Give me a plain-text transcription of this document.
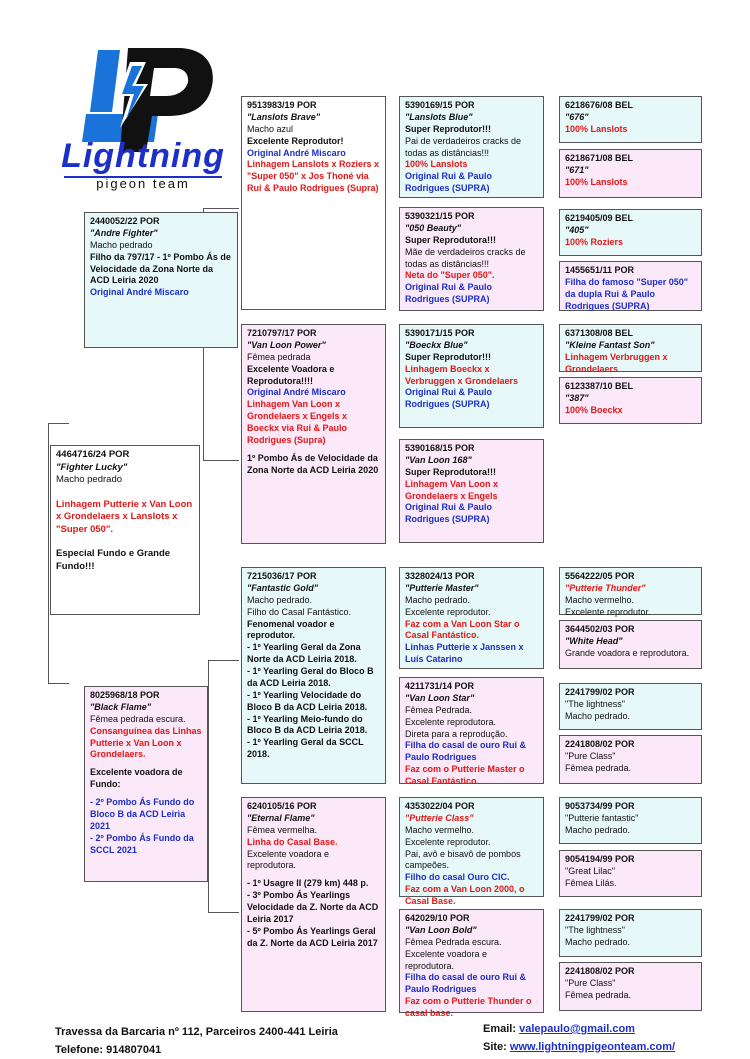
Lightning
pigeon team
4464716/24 POR
"Fighter Lucky"
Macho pedrado
Linhagem Putterie x Van Loon x Grondelaers x Lanslots x "Super 050".
Especial Fundo e Grande Fundo!!!
2440052/22 POR
"Andre Fighter"
Macho pedrado
Filho da 797/17 - 1º Pombo Ás de Velocidade da Zona Norte da ACD Leiria 2020
Original André Miscaro
8025968/18 POR
"Black Flame"
Fêmea pedrada escura.
Consanguínea das Linhas Putterie x Van Loon x Grondelaers.
Excelente voadora de Fundo:
- 2º Pombo Ás Fundo do Bloco B da ACD Leiria 2021
- 2º Pombo Ás Fundo da SCCL 2021
9513983/19 POR
"Lanslots Brave"
Macho azul
Excelente Reprodutor!
Original André Miscaro
Linhagem Lanslots x Roziers x "Super 050" x Jos Thoné via Rui & Paulo Rodrigues (Supra)
7210797/17 POR
"Van Loon Power"
Fêmea pedrada
Excelente Voadora e Reprodutora!!!!
Original André Miscaro
Linhagem Van Loon x Grondelaers x Engels x Boeckx via Rui & Paulo Rodrigues (Supra)
1º Pombo Ás de Velocidade da Zona Norte da ACD Leiria 2020
7215036/17 POR
"Fantastic Gold"
Macho pedrado.
Filho do Casal Fantástico.
Fenomenal voador e reprodutor.
- 1º Yearling Geral da Zona Norte da ACD Leiria 2018.
- 1º Yearling Geral do Bloco B da ACD Leiria 2018.
- 1º Yearling Velocidade do Bloco B da ACD Leiria 2018.
- 1º Yearling Meio-fundo do Bloco B da ACD Leiria 2018.
- 1º Yearling Geral da SCCL 2018.
6240105/16 POR
"Eternal Flame"
Fêmea vermelha.
Linha do Casal Base.
Excelente voadora e reprodutora.
- 1º Usagre II (279 km) 448 p.
- 3º Pombo Ás Yearlings Velocidade da Z. Norte da ACD Leiria 2017
- 5º Pombo Ás Yearlings Geral da Z. Norte da ACD Leiria 2017
5390169/15 POR
"Lanslots Blue"
Super Reprodutor!!!
Pai de verdadeiros cracks de todas as distâncias!!!
100% Lanslots
Original Rui & Paulo Rodrigues (SUPRA)
5390321/15 POR
"050 Beauty"
Super Reprodutora!!!
Mãe de verdadeiros cracks de todas as distâncias!!!
Neta do "Super 050".
Original Rui & Paulo Rodrigues (SUPRA)
5390171/15 POR
"Boeckx Blue"
Super Reprodutor!!!
Linhagem Boeckx x Verbruggen x Grondelaers
Original Rui & Paulo Rodrigues (SUPRA)
5390168/15 POR
"Van Loon 168"
Super Reprodutora!!!
Linhagem Van Loon x Grondelaers x Engels
Original Rui & Paulo Rodrigues (SUPRA)
3328024/13 POR
"Putterie Master"
Macho pedrado.
Excelente reprodutor.
Faz com a Van Loon Star o Casal Fantástico.
Linhas Putterie x Janssen x Luís Catarino
4211731/14 POR
"Van Loon Star"
Fêmea Pedrada.
Excelente reprodutora.
Direta para a reprodução.
Filha do casal de ouro Rui & Paulo Rodrigues
Faz com o Putterie Master o Casal Fantástico.
4353022/04 POR
"Putterie Class"
Macho vermelho.
Excelente reprodutor.
Pai, avô e bisavô de pombos campeões.
Filho do casal Ouro CIC.
Faz com a Van Loon 2000, o Casal Base.
642029/10 POR
"Van Loon Bold"
Fêmea Pedrada escura.
Excelente voadora e reprodutora.
Filha do casal de ouro Rui & Paulo Rodrigues
Faz com o Putterie Thunder o casal base.
6218676/08 BEL
"676"
100% Lanslots
6218671/08 BEL
"671"
100% Lanslots
6219405/09 BEL
"405"
100% Roziers
1455651/11 POR
Filha do famoso "Super 050" da dupla Rui & Paulo Rodrigues (SUPRA)
6371308/08 BEL
"Kleine Fantast Son"
Linhagem Verbruggen x Grondelaers
6123387/10 BEL
"387"
100% Boeckx
5564222/05 POR
"Putterie Thunder"
Macho vermelho.
Excelente reprodutor.
3644502/03 POR
"White Head"
Grande voadora e reprodutora.
2241799/02 POR
"The lightness"
Macho pedrado.
2241808/02 POR
"Pure Class"
Fêmea pedrada.
9053734/99 POR
"Putterie fantastic"
Macho pedrado.
9054194/99 POR
"Great Lilac"
Fêmea Lilás.
2241799/02 POR
"The lightness"
Macho pedrado.
2241808/02 POR
"Pure Class"
Fêmea pedrada.
Travessa da Barcaria nº 112, Parceiros 2400-441 Leiria
Telefone: 914807041
Email: valepaulo@gmail.com
Site: www.lightningpigeonteam.com/
